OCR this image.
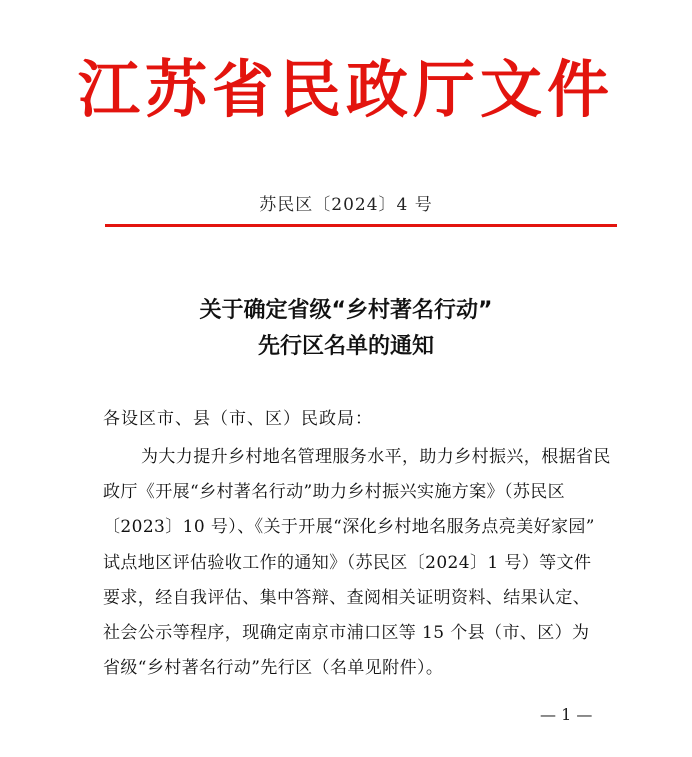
江苏省民政厅文件
苏民区〔2024〕4 号
关于确定省级“乡村著名行动”
先行区名单的通知
各设区市、县（市、区）民政局：
为大力提升乡村地名管理服务水平，助力乡村振兴，根据省民
政厅《开展“乡村著名行动”助力乡村振兴实施方案》（苏民区
〔2023〕10 号）、《关于开展“深化乡村地名服务点亮美好家园”
试点地区评估验收工作的通知》（苏民区〔2024〕1 号）等文件
要求，经自我评估、集中答辩、查阅相关证明资料、结果认定、
社会公示等程序，现确定南京市浦口区等 15 个县（市、区）为
省级“乡村著名行动”先行区（名单见附件）。
— 1 —
